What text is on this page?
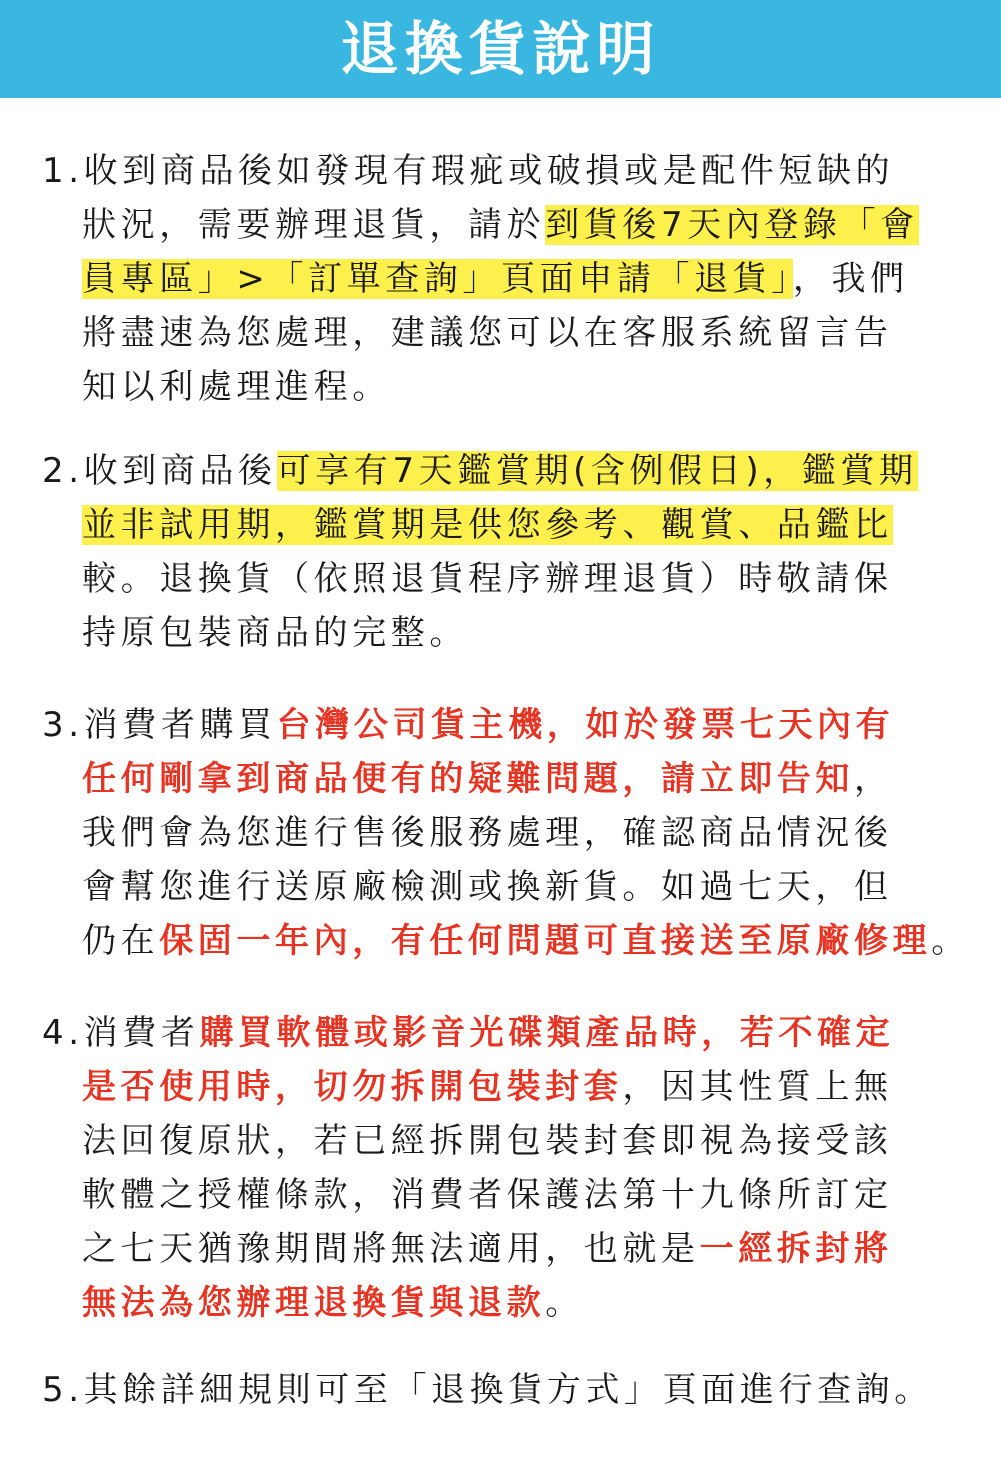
退換貨說明
1.收到商品後如發現有瑕疵或破損或是配件短缺的
狀況，需要辦理退貨，請於到貨後7天內登錄「會
員專區」>「訂單查詢」頁面申請「退貨」，我們
將盡速為您處理，建議您可以在客服系統留言告
知以利處理進程。
2.收到商品後可享有7天鑑賞期(含例假日)，鑑賞期
並非試用期，鑑賞期是供您參考、觀賞、品鑑比
較。退換貨（依照退貨程序辦理退貨）時敬請保
持原包裝商品的完整。
3.消費者購買台灣公司貨主機，如於發票七天內有
任何剛拿到商品便有的疑難問題，請立即告知，
我們會為您進行售後服務處理，確認商品情況後
會幫您進行送原廠檢測或換新貨。如過七天，但
仍在保固一年內，有任何問題可直接送至原廠修理。
4.消費者購買軟體或影音光碟類產品時，若不確定
是否使用時，切勿拆開包裝封套，因其性質上無
法回復原狀，若已經拆開包裝封套即視為接受該
軟體之授權條款，消費者保護法第十九條所訂定
之七天猶豫期間將無法適用，也就是一經拆封將
無法為您辦理退換貨與退款。
5.其餘詳細規則可至「退換貨方式」頁面進行查詢。
